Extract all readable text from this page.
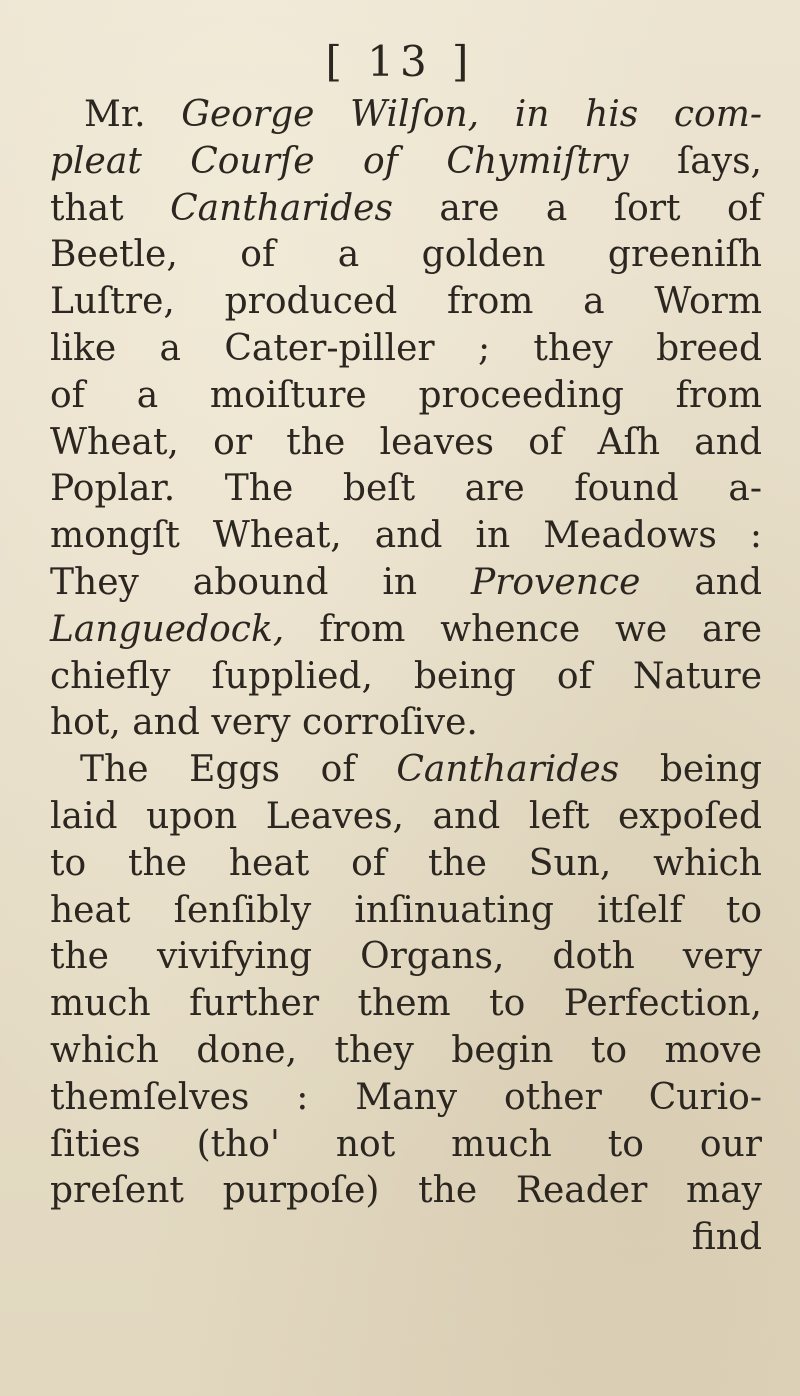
[ 13 ]
Mr. George Wilſon, in his com-
pleat Courſe of Chymiſtry ſays,
that Cantharides are a ſort of
Beetle, of a golden greeniſh
Luſtre, produced from a Worm
like a Cater-piller ; they breed
of a moiſture proceeding from
Wheat, or the leaves of Aſh and
Poplar. The beſt are found a-
mongſt Wheat, and in Meadows :
They abound in Provence and
Languedock, from whence we are
chiefly ſupplied, being of Nature
hot, and very corroſive.
The Eggs of Cantharides being
laid upon Leaves, and left expoſed
to the heat of the Sun, which
heat ſenſibly inſinuating itſelf to
the vivifying Organs, doth very
much further them to Perfection,
which done, they begin to move
themſelves : Many other Curio-
ſities (tho' not much to our
preſent purpoſe) the Reader may
find
